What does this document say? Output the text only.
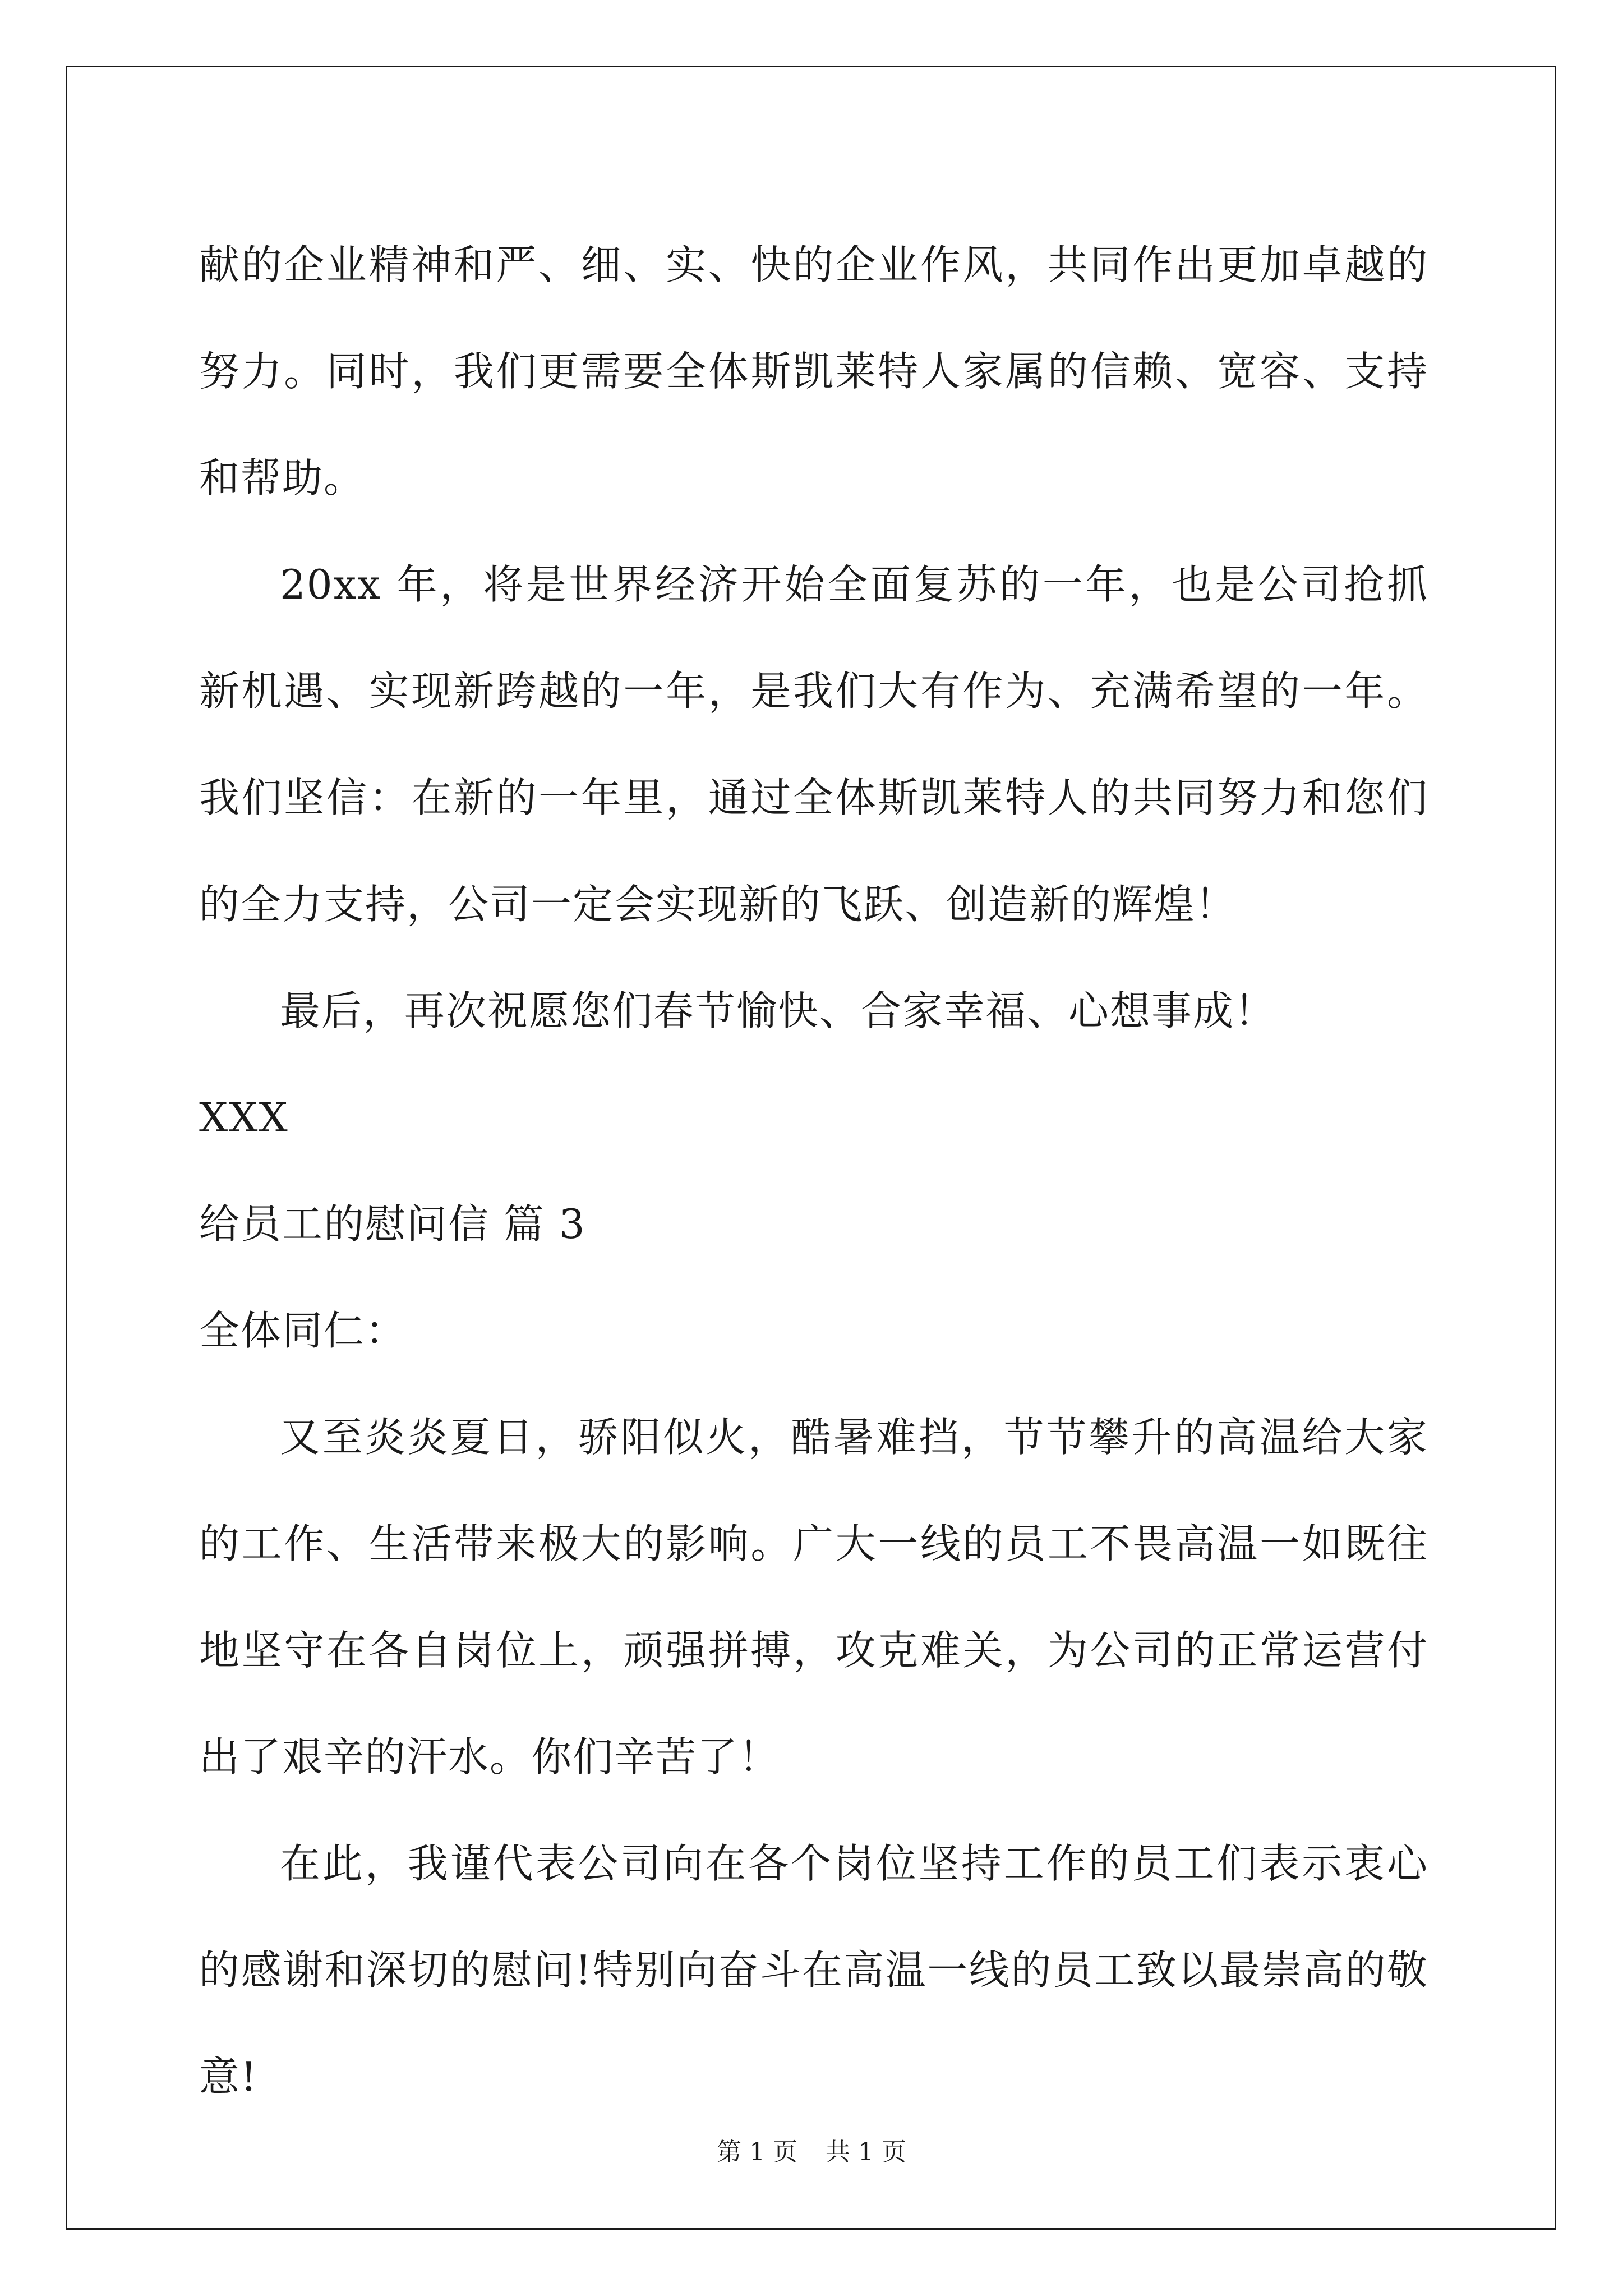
献的企业精神和严、细、实、快的企业作风，共同作出更加卓越的努力。同时，我们更需要全体斯凯莱特人家属的信赖、宽容、支持和帮助。

20xx 年，将是世界经济开始全面复苏的一年，也是公司抢抓新机遇、实现新跨越的一年，是我们大有作为、充满希望的一年。我们坚信：在新的一年里，通过全体斯凯莱特人的共同努力和您们的全力支持，公司一定会实现新的飞跃、创造新的辉煌！

最后，再次祝愿您们春节愉快、合家幸福、心想事成！

XXX

给员工的慰问信 篇 3

全体同仁：

又至炎炎夏日，骄阳似火，酷暑难挡，节节攀升的高温给大家的工作、生活带来极大的影响。广大一线的员工不畏高温一如既往地坚守在各自岗位上，顽强拼搏，攻克难关，为公司的正常运营付出了艰辛的汗水。你们辛苦了！

在此，我谨代表公司向在各个岗位坚持工作的员工们表示衷心的感谢和深切的慰问!特别向奋斗在高温一线的员工致以最崇高的敬意!

第 1 页 共 1 页
